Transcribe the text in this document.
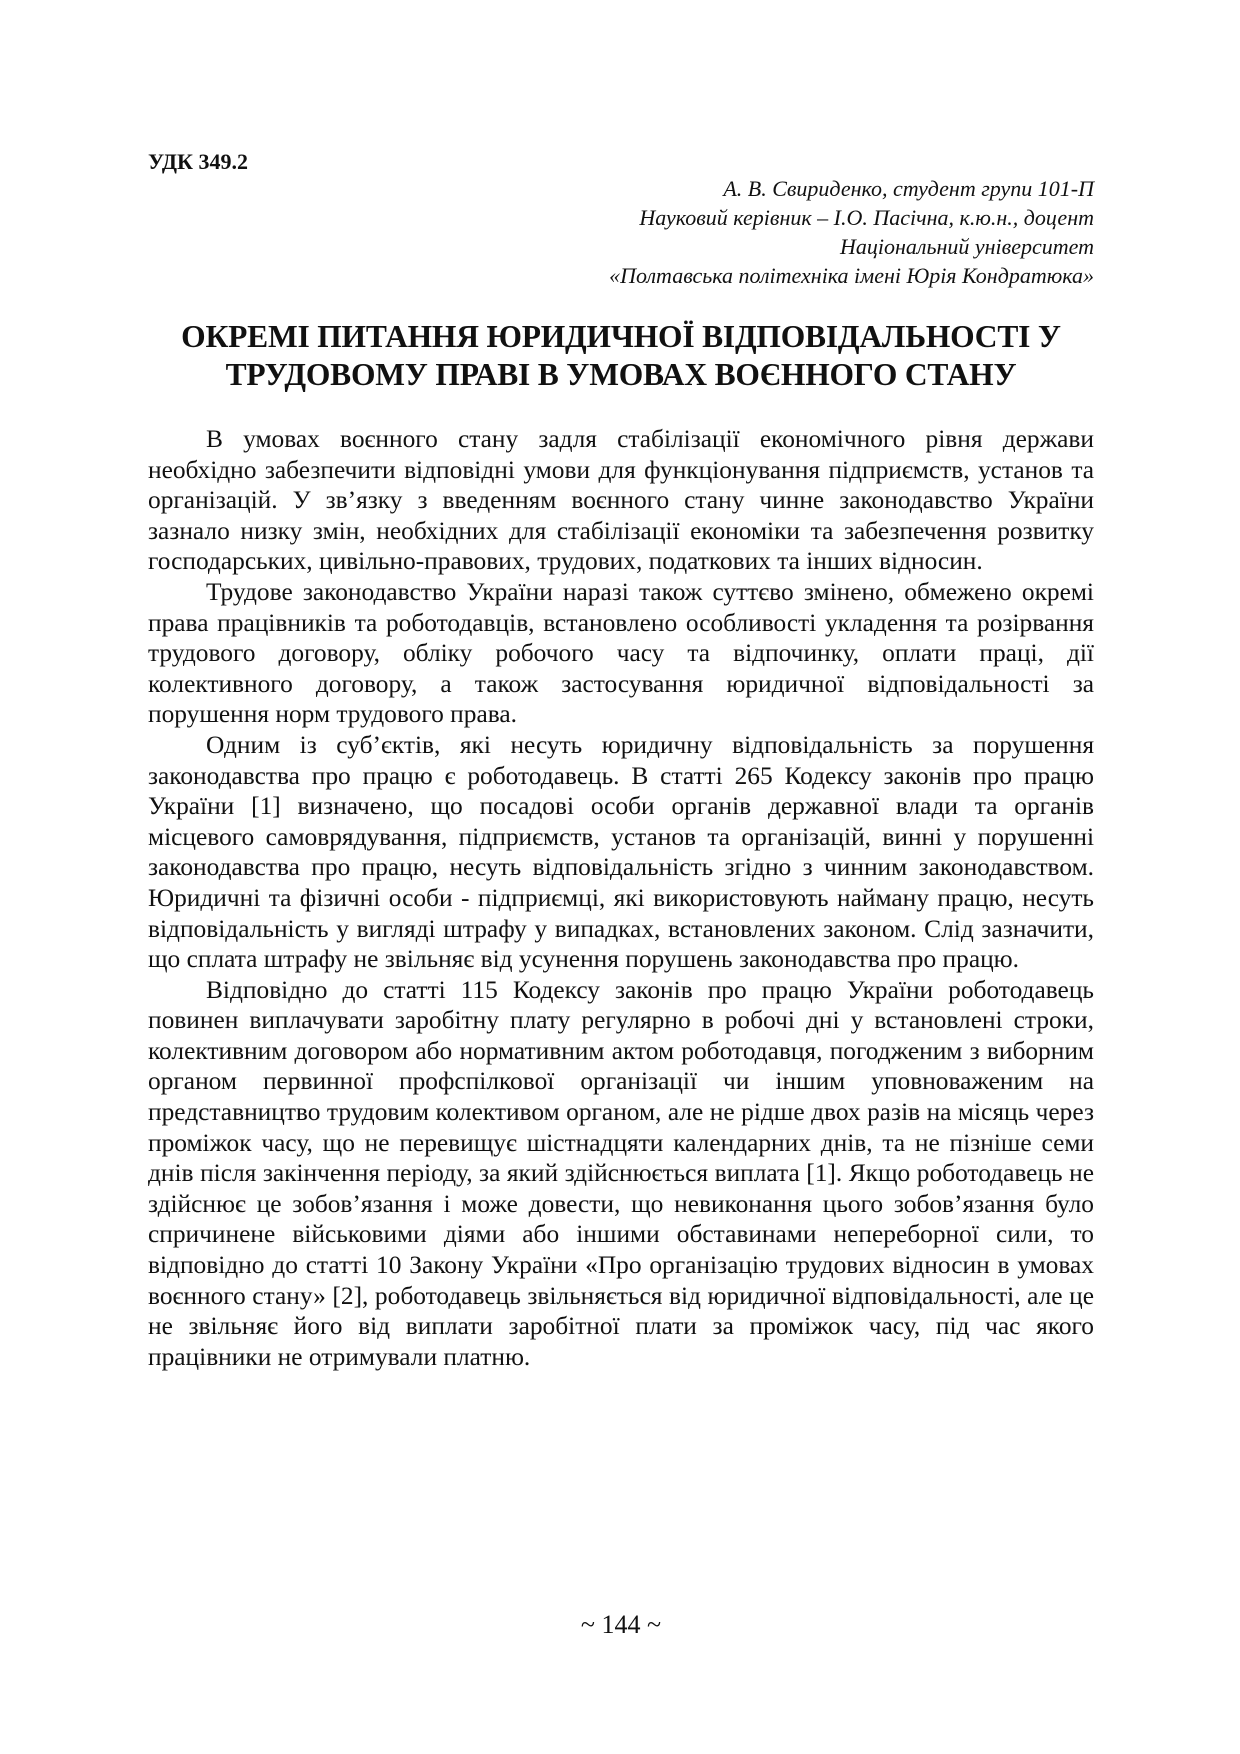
УДК 349.2
А. В. Свириденко, студент групи 101-П
Науковий керівник – І.О. Пасічна, к.ю.н., доцент
Національний університет
«Полтавська політехніка імені Юрія Кондратюка»
ОКРЕМІ ПИТАННЯ ЮРИДИЧНОЇ ВІДПОВІДАЛЬНОСТІ У
ТРУДОВОМУ ПРАВІ В УМОВАХ ВОЄННОГО СТАНУ

В умовах воєнного стану задля стабілізації економічного рівня держави необхідно забезпечити відповідні умови для функціонування підприємств, установ та організацій. У зв’язку з введенням воєнного стану чинне законодавство України зазнало низку змін, необхідних для стабілізації економіки та забезпечення розвитку господарських, цивільно-правових, трудових, податкових та інших відносин.

Трудове законодавство України наразі також суттєво змінено, обмежено окремі права працівників та роботодавців, встановлено особливості укладення та розірвання трудового договору, обліку робочого часу та відпочинку, оплати праці, дії колективного договору, а також застосування юридичної відповідальності за порушення норм трудового права.

Одним із суб’єктів, які несуть юридичну відповідальність за порушення законодавства про працю є роботодавець. В статті 265 Кодексу законів про працю України [1] визначено, що посадові особи органів державної влади та органів місцевого самоврядування, підприємств, установ та організацій, винні у порушенні законодавства про працю, несуть відповідальність згідно з чинним законодавством. Юридичні та фізичні особи - підприємці, які використовують найману працю, несуть відповідальність у вигляді штрафу у випадках, встановлених законом. Слід зазначити, що сплата штрафу не звільняє від усунення порушень законодавства про працю.

Відповідно до статті 115 Кодексу законів про працю України роботодавець повинен виплачувати заробітну плату регулярно в робочі дні у встановлені строки, колективним договором або нормативним актом роботодавця, погодженим з виборним органом первинної профспілкової організації чи іншим уповноваженим на представництво трудовим колективом органом, але не рідше двох разів на місяць через проміжок часу, що не перевищує шістнадцяти календарних днів, та не пізніше семи днів після закінчення періоду, за який здійснюється виплата [1]. Якщо роботодавець не здійснює це зобов’язання і може довести, що невиконання цього зобов’язання було спричинене військовими діями або іншими обставинами непереборної сили, то відповідно до статті 10 Закону України «Про організацію трудових відносин в умовах воєнного стану» [2], роботодавець звільняється від юридичної відповідальності, але це не звільняє його від виплати заробітної плати за проміжок часу, під час якого працівники не отримували платню.

~ 144 ~
